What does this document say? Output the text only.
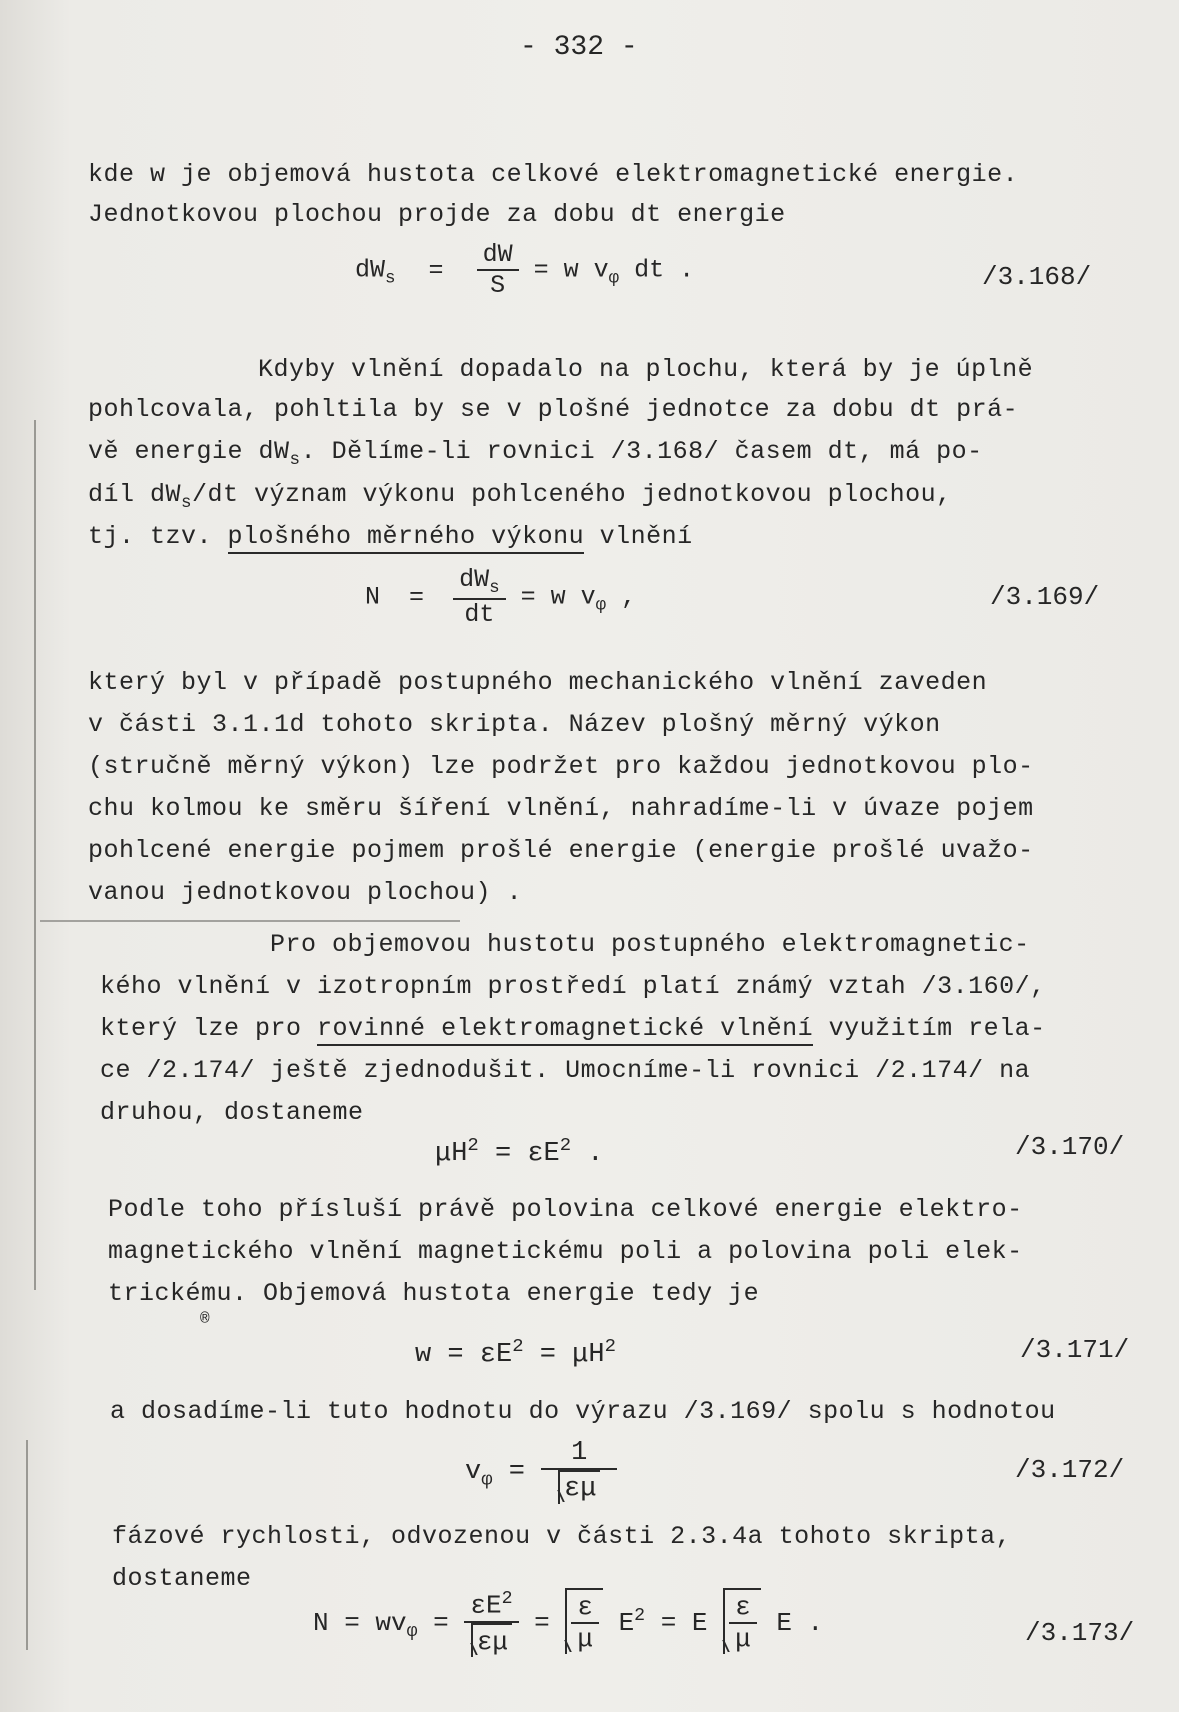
- 332 -
kde w je objemová hustota celkové elektromagnetické energie.
Jednotkovou plochou projde za dobu dt energie
$dW_s = \frac{dW}{S} = w$ $v_\varphi$ dt .	/3.168/
Kdyby vlnění dopadalo na plochu, která by je úplně
pohlcovala, pohltila by se v plošné jednotce za dobu dt prá-
vě energie $dW_s$. Dělíme-li rovnici /3.168/ časem dt, má po-
díl $dW_s/dt$ význam výkonu pohlceného jednotkovou plochou,
tj. tzv. plošného měrného výkonu vlnění
$N = \frac{dW_s}{dt} = w$ $v_\varphi$ ,	/3.169/
který byl v případě postupného mechanického vlnění zaveden
v části 3.1.1d tohoto skripta. Název plošný měrný výkon
(stručně měrný výkon) lze podržet pro každou jednotkovou plo-
chu kolmou ke směru šíření vlnění, nahradíme-li v úvaze pojem
pohlcené energie pojmem prošlé energie (energie prošlé uvažo-
vanou jednotkovou plochou) .
Pro objemovou hustotu postupného elektromagnetic-
kého vlnění v izotropním prostředí platí známý vztah /3.160/,
který lze pro rovinné elektromagnetické vlnění využitím rela-
ce /2.174/ ještě zjednodušit. Umocníme-li rovnici /2.174/ na
druhou, dostaneme
$\mu H^2 = \varepsilon E^2$ .	/3.170/
Podle toho přísluší právě polovina celkové energie elektro-
magnetického vlnění magnetickému poli a polovina poli elek-
trickému. Objemová hustota energie tedy je
®
$w = \varepsilon E^2 = \mu H^2$	/3.171/
a dosadíme-li tuto hodnotu do výrazu /3.169/ spolu s hodnotou
$v_\varphi = \frac{1}{\varepsilon\mu}$	/3.172/
fázové rychlosti, odvozenou v části 2.3.4a tohoto skripta,
dostaneme
$N = wv_\varphi = \frac{\varepsilon E^2}{\varepsilon\mu} = \frac{\varepsilon}{\mu} E^2 = E \frac{\varepsilon}{\mu}$ E .	/3.173/
